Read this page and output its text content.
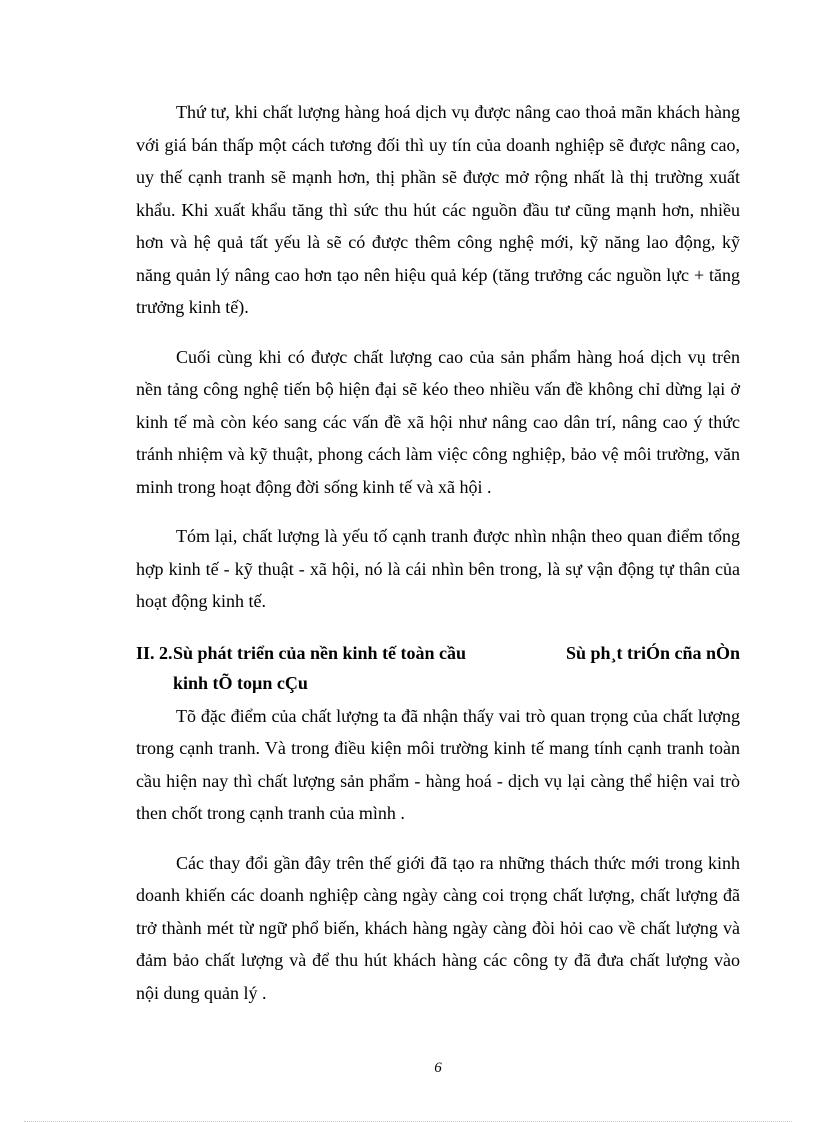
Thứ tư, khi chất lượng hàng hoá dịch vụ được nâng cao thoả mãn khách hàng với giá bán thấp một cách tương đối thì uy tín của doanh nghiệp sẽ được nâng cao, uy thế cạnh tranh sẽ mạnh hơn, thị phần sẽ được mở rộng nhất là thị trường xuất khẩu. Khi xuất khẩu tăng thì sức thu hút các nguồn đầu tư cũng mạnh hơn, nhiều hơn và hệ quả tất yếu là sẽ có được thêm công nghệ mới, kỹ năng lao động, kỹ năng quản lý nâng cao hơn tạo nên hiệu quả kép (tăng trưởng các nguồn lực + tăng trưởng kinh tế).

Cuối cùng khi có được chất lượng cao của sản phẩm hàng hoá dịch vụ trên nền tảng công nghệ tiến bộ hiện đại sẽ kéo theo nhiều vấn đề không chỉ dừng lại ở kinh tế mà còn kéo sang các vấn đề xã hội như nâng cao dân trí, nâng cao ý thức tránh nhiệm và kỹ thuật, phong cách làm việc công nghiệp, bảo vệ môi trường, văn minh trong hoạt động đời sống kinh tế và xã hội .

Tóm lại, chất lượng là yếu tố cạnh tranh được nhìn nhận theo quan điểm tổng hợp kinh tế - kỹ thuật - xã hội, nó là cái nhìn bên trong, là sự vận động tự thân của hoạt động kinh tế.

II. 2.Sù phát triển của nền kinh tế toàn cầu	Sù ph¸t triÓn cña nÒn
kinh tÕ toµn cÇu

Tõ đặc điểm của chất lượng ta đã nhận thấy vai trò quan trọng của chất lượng trong cạnh tranh. Và trong điều kiện môi trường kinh tế mang tính cạnh tranh toàn cầu hiện nay thì chất lượng sản phẩm - hàng hoá - dịch vụ lại càng thể hiện vai trò then chốt trong cạnh tranh của mình .

Các thay đổi gần đây trên thế giới đã tạo ra những thách thức mới trong kinh doanh khiến các doanh nghiệp càng ngày càng coi trọng chất lượng, chất lượng đã trở thành mét từ ngữ phổ biến, khách hàng ngày càng đòi hỏi cao về chất lượng và đảm bảo chất lượng và để thu hút khách hàng các công ty đã đưa chất lượng vào nội dung quản lý .

6
